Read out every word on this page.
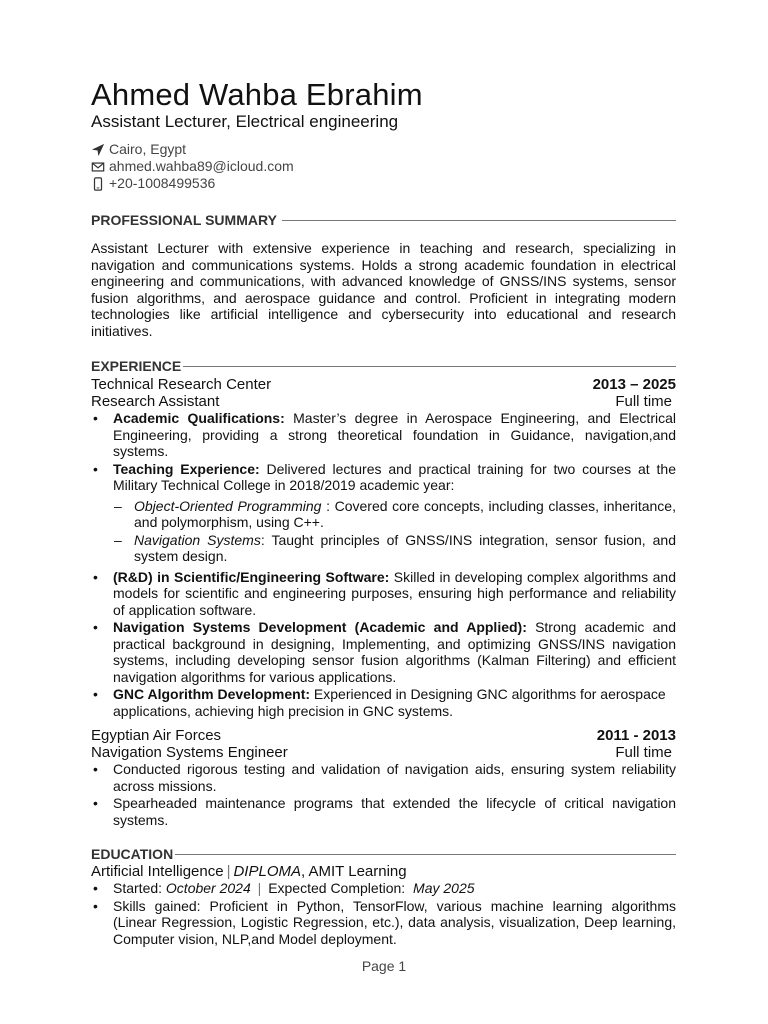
Ahmed Wahba Ebrahim
Assistant Lecturer, Electrical engineering
Cairo, Egypt
ahmed.wahba89@icloud.com
+20-1008499536
PROFESSIONAL SUMMARY
Assistant Lecturer with extensive experience in teaching and research, specializing in navigation and communications systems. Holds a strong academic foundation in electrical engineering and communications, with advanced knowledge of GNSS/INS systems, sensor fusion algorithms, and aerospace guidance and control. Proficient in integrating modern technologies like artificial intelligence and cybersecurity into educational and research initiatives.
EXPERIENCE
Technical Research Center	2013 – 2025
Research Assistant	Full time
• Academic Qualifications: Master’s degree in Aerospace Engineering, and Electrical Engineering, providing a strong theoretical foundation in Guidance, navigation,and systems.
• Teaching Experience: Delivered lectures and practical training for two courses at the Military Technical College in 2018/2019 academic year:
– Object-Oriented Programming : Covered core concepts, including classes, inheritance, and polymorphism, using C++.
– Navigation Systems: Taught principles of GNSS/INS integration, sensor fusion, and system design.
• (R&D) in Scientific/Engineering Software: Skilled in developing complex algorithms and models for scientific and engineering purposes, ensuring high performance and reliability of application software.
• Navigation Systems Development (Academic and Applied): Strong academic and practical background in designing, Implementing, and optimizing GNSS/INS navigation systems, including developing sensor fusion algorithms (Kalman Filtering) and efficient navigation algorithms for various applications.
• GNC Algorithm Development: Experienced in Designing GNC algorithms for aerospace applications, achieving high precision in GNC systems.
Egyptian Air Forces	2011 - 2013
Navigation Systems Engineer	Full time
• Conducted rigorous testing and validation of navigation aids, ensuring system reliability across missions.
• Spearheaded maintenance programs that extended the lifecycle of critical navigation systems.
EDUCATION
Artificial Intelligence | DIPLOMA, AMIT Learning
• Started: October 2024 | Expected Completion: May 2025
• Skills gained: Proficient in Python, TensorFlow, various machine learning algorithms (Linear Regression, Logistic Regression, etc.), data analysis, visualization, Deep learning, Computer vision, NLP,and Model deployment.
Page 1
